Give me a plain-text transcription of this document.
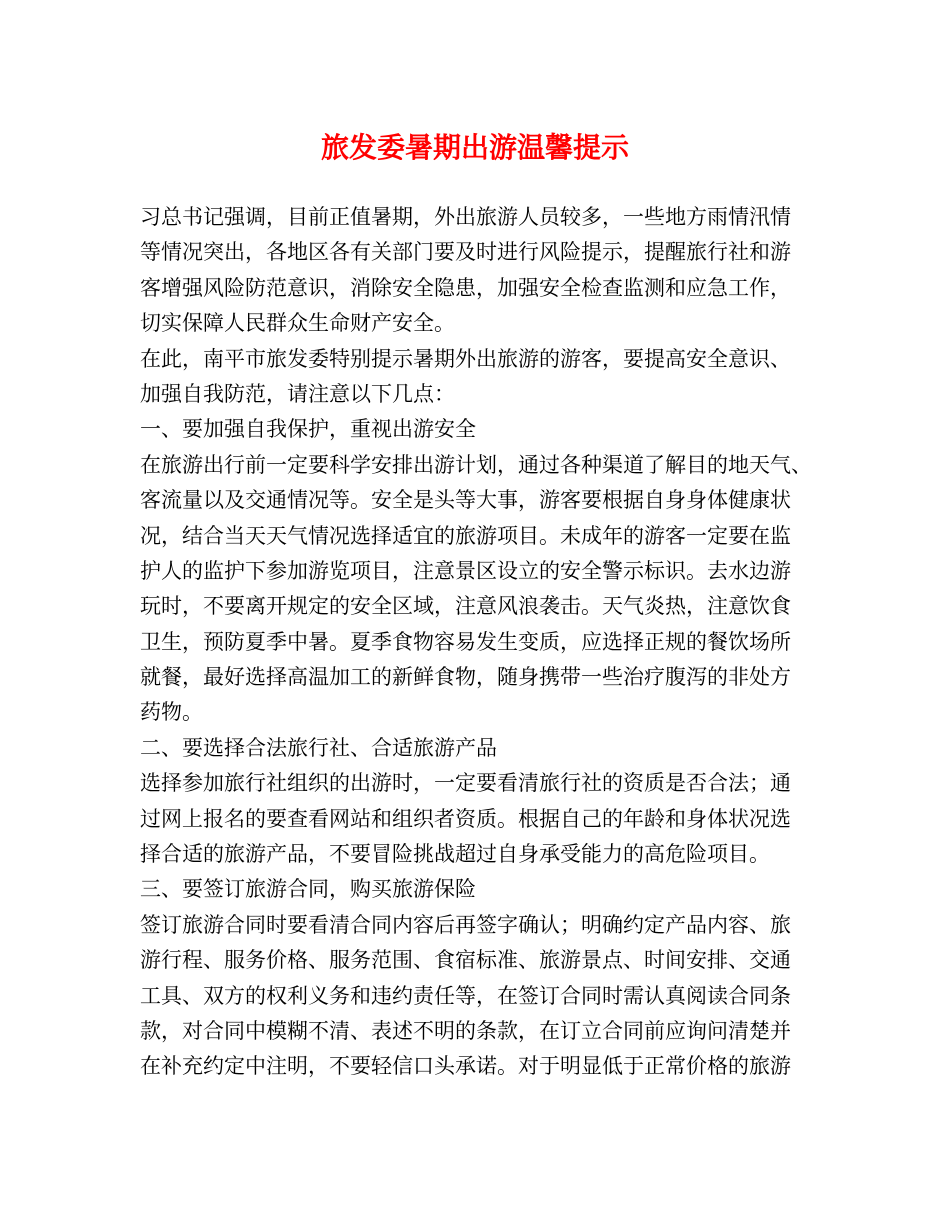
旅发委暑期出游温馨提示
习总书记强调，目前正值暑期，外出旅游人员较多，一些地方雨情汛情
等情况突出，各地区各有关部门要及时进行风险提示，提醒旅行社和游
客增强风险防范意识，消除安全隐患，加强安全检查监测和应急工作，
切实保障人民群众生命财产安全。
在此，南平市旅发委特别提示暑期外出旅游的游客，要提高安全意识、
加强自我防范，请注意以下几点：
一、要加强自我保护，重视出游安全
在旅游出行前一定要科学安排出游计划，通过各种渠道了解目的地天气、
客流量以及交通情况等。安全是头等大事，游客要根据自身身体健康状
况，结合当天天气情况选择适宜的旅游项目。未成年的游客一定要在监
护人的监护下参加游览项目，注意景区设立的安全警示标识。去水边游
玩时，不要离开规定的安全区域，注意风浪袭击。天气炎热，注意饮食
卫生，预防夏季中暑。夏季食物容易发生变质，应选择正规的餐饮场所
就餐，最好选择高温加工的新鲜食物，随身携带一些治疗腹泻的非处方
药物。
二、要选择合法旅行社、合适旅游产品
选择参加旅行社组织的出游时，一定要看清旅行社的资质是否合法；通
过网上报名的要查看网站和组织者资质。根据自己的年龄和身体状况选
择合适的旅游产品，不要冒险挑战超过自身承受能力的高危险项目。
三、要签订旅游合同，购买旅游保险
签订旅游合同时要看清合同内容后再签字确认；明确约定产品内容、旅
游行程、服务价格、服务范围、食宿标准、旅游景点、时间安排、交通
工具、双方的权利义务和违约责任等，在签订合同时需认真阅读合同条
款，对合同中模糊不清、表述不明的条款，在订立合同前应询问清楚并
在补充约定中注明，不要轻信口头承诺。对于明显低于正常价格的旅游
